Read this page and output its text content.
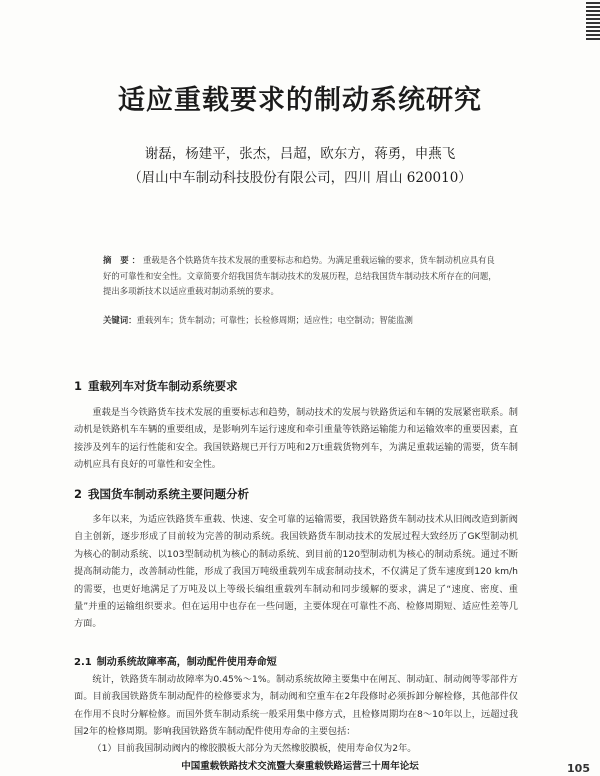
适应重载要求的制动系统研究
谢磊，杨建平，张杰，吕超，欧东方，蒋勇，申燕飞
（眉山中车制动科技股份有限公司，四川 眉山 620010）
摘 要：重载是各个铁路货车技术发展的重要标志和趋势。为满足重载运输的要求，货车制动机应具有良好的可靠性和安全性。文章简要介绍我国货车制动技术的发展历程，总结我国货车制动技术所存在的问题，提出多项新技术以适应重载对制动系统的要求。
关键词：重载列车；货车制动；可靠性；长检修周期；适应性；电空制动；智能监测
1 重载列车对货车制动系统要求
重载是当今铁路货车技术发展的重要标志和趋势，制动技术的发展与铁路货运和车辆的发展紧密联系。制动机是铁路机车车辆的重要组成，是影响列车运行速度和牵引重量等铁路运输能力和运输效率的重要因素，直接涉及列车的运行性能和安全。我国铁路规已开行万吨和2万t重载货物列车，为满足重载运输的需要，货车制动机应具有良好的可靠性和安全性。
2 我国货车制动系统主要问题分析
多年以来，为适应铁路货车重载、快速、安全可靠的运输需要，我国铁路货车制动技术从旧阀改造到新阀自主创新，逐步形成了目前较为完善的制动系统。我国铁路货车制动技术的发展过程大致经历了GK型制动机为核心的制动系统、以103型制动机为核心的制动系统、到目前的120型制动机为核心的制动系统。通过不断提高制动能力，改善制动性能，形成了我国万吨级重载列车成套制动技术，不仅满足了货车速度到120 km/h的需要，也更好地满足了万吨及以上等级长编组重载列车制动和同步缓解的要求，满足了“速度、密度、重量”并重的运输组织要求。但在运用中也存在一些问题，主要体现在可靠性不高、检修周期短、适应性差等几方面。
2.1 制动系统故障率高，制动配件使用寿命短
统计，铁路货车制动故障率为0.45%～1%。制动系统故障主要集中在闸瓦、制动缸、制动阀等零部件方面。目前我国铁路货车制动配件的检修要求为，制动阀和空重车在2年段修时必须拆卸分解检修，其他部件仅在作用不良时分解检修。而国外货车制动系统一般采用集中修方式，且检修周期均在8～10年以上，远超过我国2年的检修周期。影响我国铁路货车制动配件使用寿命的主要包括：
（1）目前我国制动阀内的橡胶膜板大部分为天然橡胶膜板，使用寿命仅为2年。
中国重载铁路技术交流暨大秦重载铁路运营三十周年论坛	105
